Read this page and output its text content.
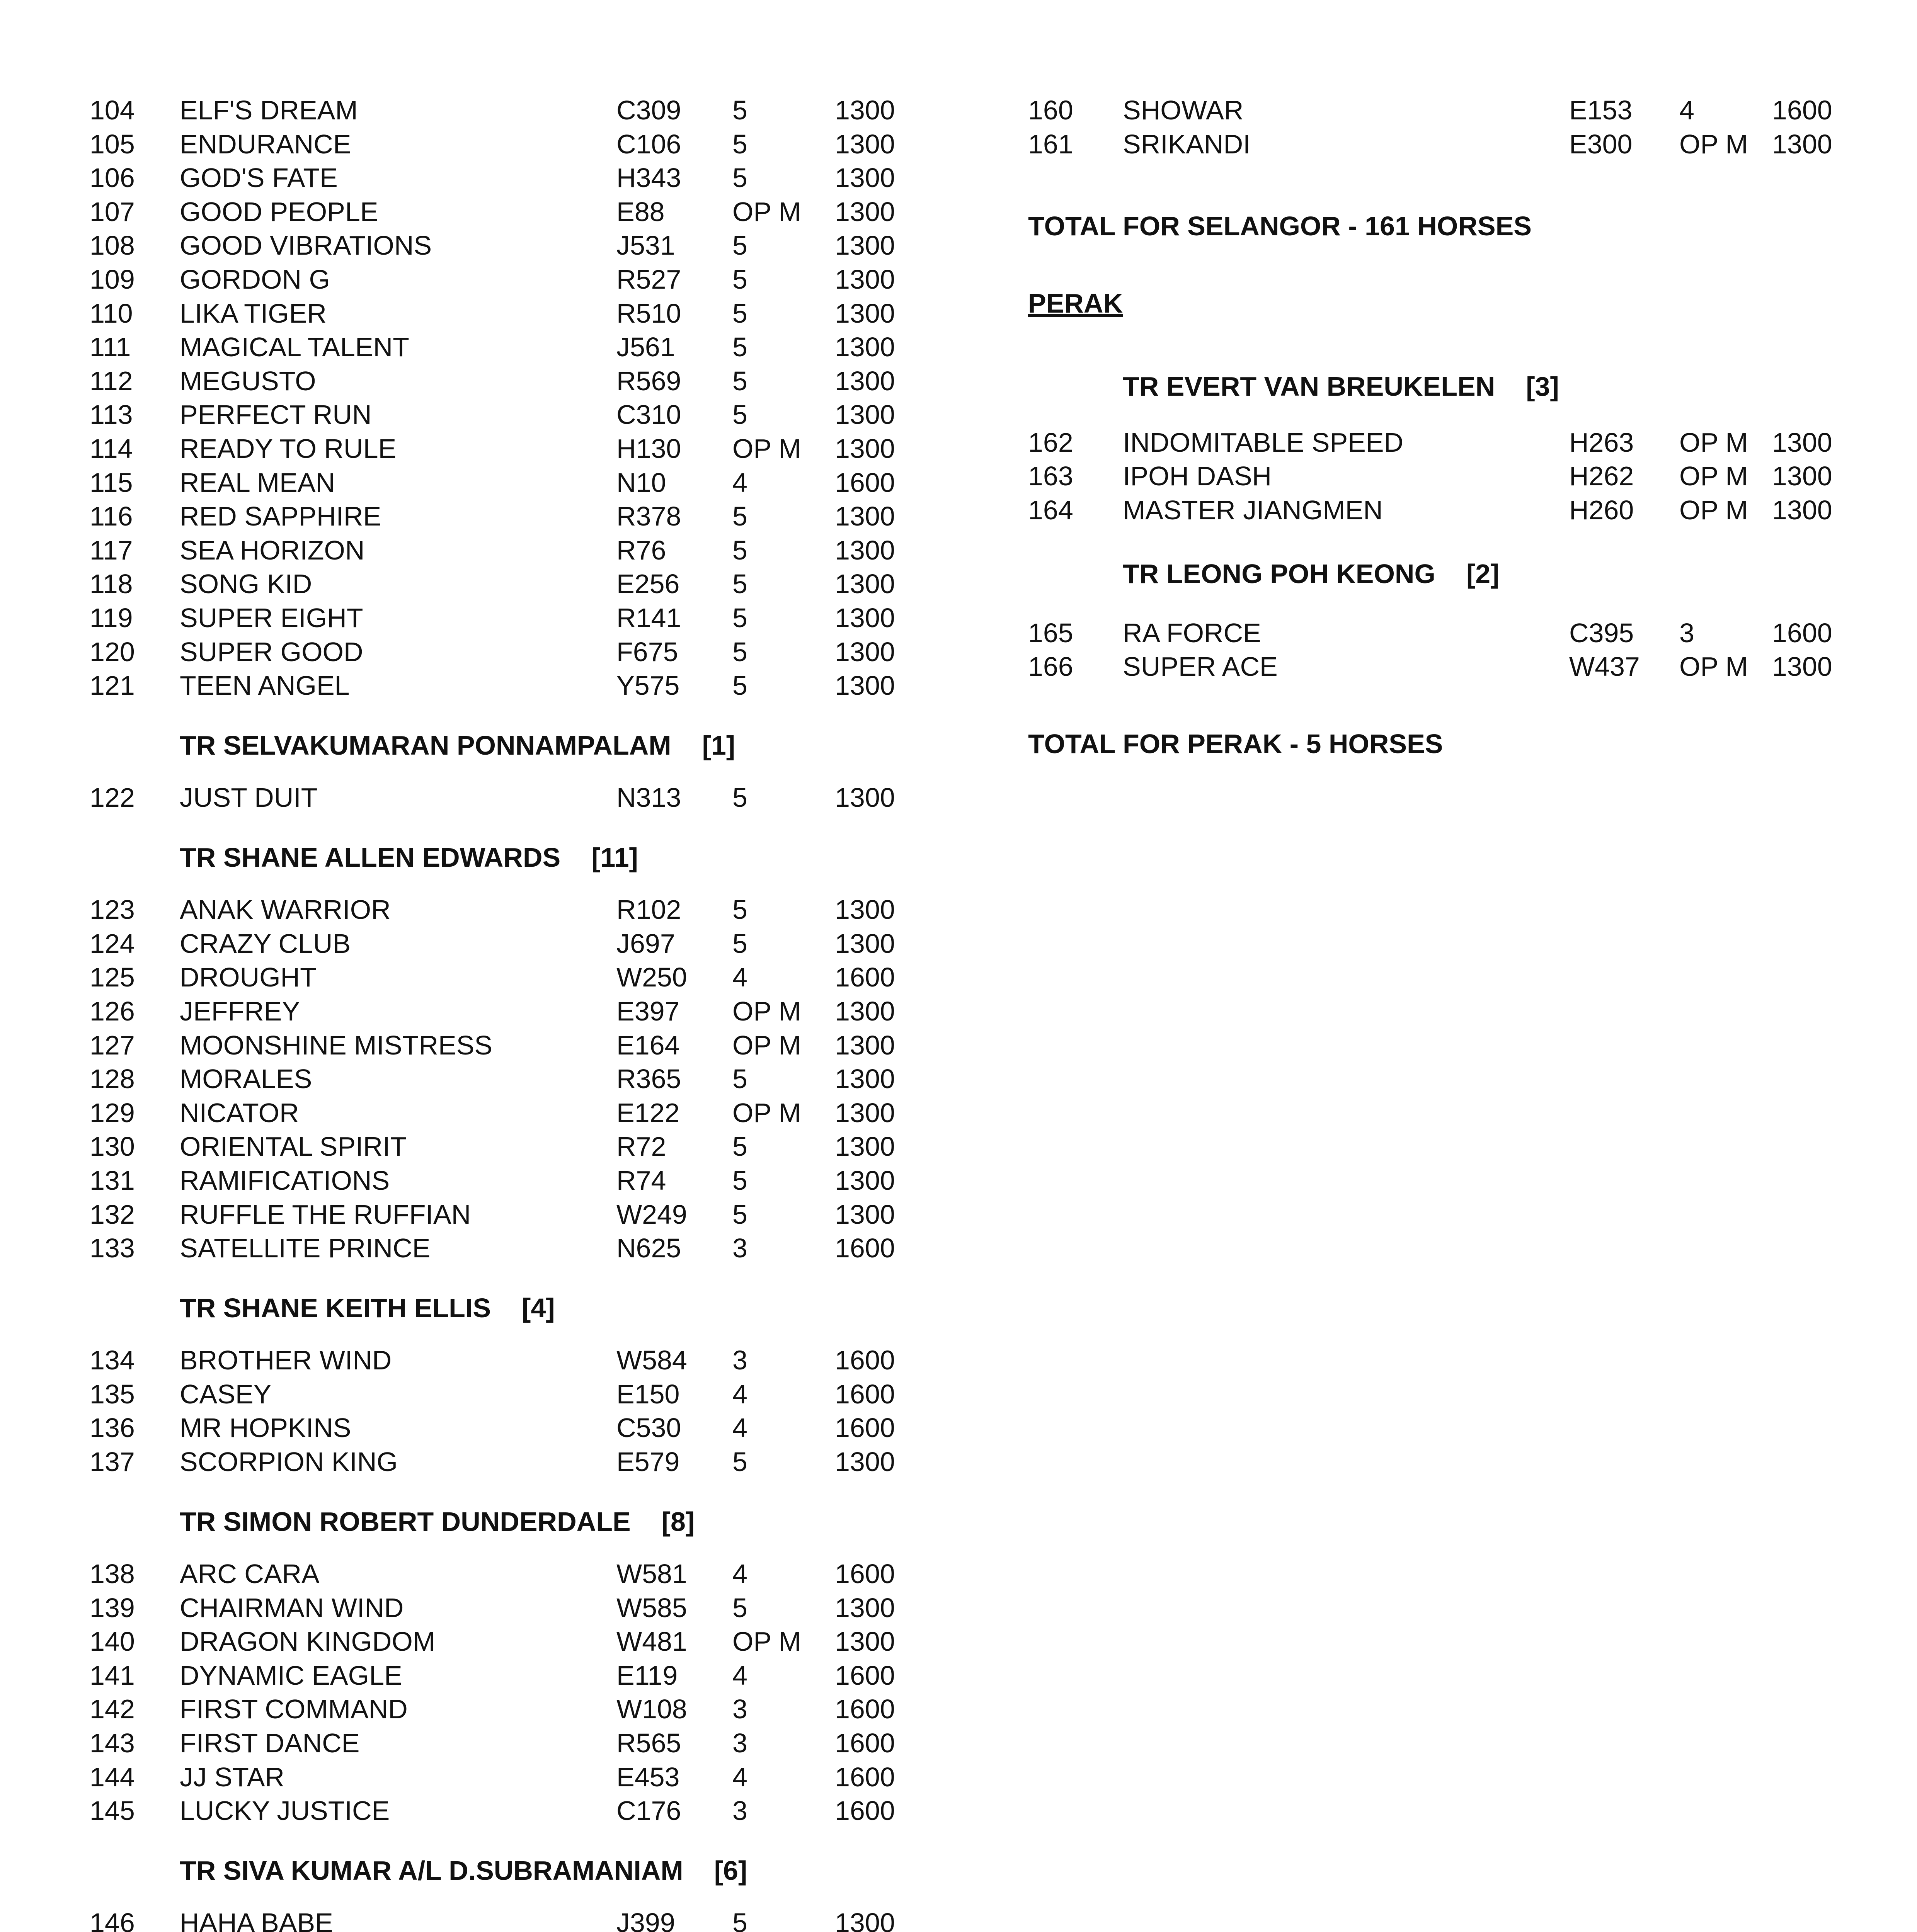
104 ELF'S DREAM	C309 5	1300
105 ENDURANCE	C106 5	1300
106 GOD'S FATE	H343 5	1300
107 GOOD PEOPLE	E88	OP M 1300
108 GOOD VIBRATIONS	J531 5	1300
109 GORDON G	R527 5	1300
110 LIKA TIGER	R510 5	1300
111 MAGICAL TALENT	J561 5	1300
112 MEGUSTO	R569 5	1300
113 PERFECT RUN	C310 5	1300
114 READY TO RULE	H130 OP M 1300
115 REAL MEAN	N10 4	1600
116 RED SAPPHIRE	R378 5	1300
117 SEA HORIZON	R76 5	1300
118 SONG KID	E256 5	1300
119 SUPER EIGHT	R141 5	1300
120 SUPER GOOD	F675 5	1300
121 TEEN ANGEL	Y575 5	1300
TR SELVAKUMARAN PONNAMPALAM [1]
122 JUST DUIT	N313 5	1300
TR SHANE ALLEN EDWARDS [11]
123 ANAK WARRIOR	R102 5	1300
124 CRAZY CLUB	J697 5	1300
125 DROUGHT	W250 4	1600
126 JEFFREY	E397 OP M 1300
127 MOONSHINE MISTRESS	E164 OP M 1300
128 MORALES	R365 5	1300
129 NICATOR	E122 OP M 1300
130 ORIENTAL SPIRIT	R72 5	1300
131 RAMIFICATIONS	R74 5	1300
132 RUFFLE THE RUFFIAN	W249 5	1300
133 SATELLITE PRINCE	N625 3	1600
TR SHANE KEITH ELLIS [4]
134 BROTHER WIND	W584 3	1600
135 CASEY	E150 4	1600
136 MR HOPKINS	C530 4	1600
137 SCORPION KING	E579 5	1300
TR SIMON ROBERT DUNDERDALE [8]
138 ARC CARA	W581 4	1600
139 CHAIRMAN WIND	W585 5	1300
140 DRAGON KINGDOM	W481 OP M 1300
141 DYNAMIC EAGLE	E119 4	1600
142 FIRST COMMAND	W108 3	1600
143 FIRST DANCE	R565 3	1600
144 JJ STAR	E453 4	1600
145 LUCKY JUSTICE	C176 3	1600
TR SIVA KUMAR A/L D.SUBRAMANIAM [6]
146 HAHA BABE	J399 5	1300
160 SHOWAR	E153 4	1600
161 SRIKANDI	E300 OP M 1300
TOTAL FOR SELANGOR - 161 HORSES
PERAK
TR EVERT VAN BREUKELEN [3]
162 INDOMITABLE SPEED	H263 OP M 1300
163 IPOH DASH	H262 OP M 1300
164 MASTER JIANGMEN	H260 OP M 1300
TR LEONG POH KEONG [2]
165 RA FORCE	C395 3	1600
166 SUPER ACE	W437 OP M 1300
TOTAL FOR PERAK - 5 HORSES
